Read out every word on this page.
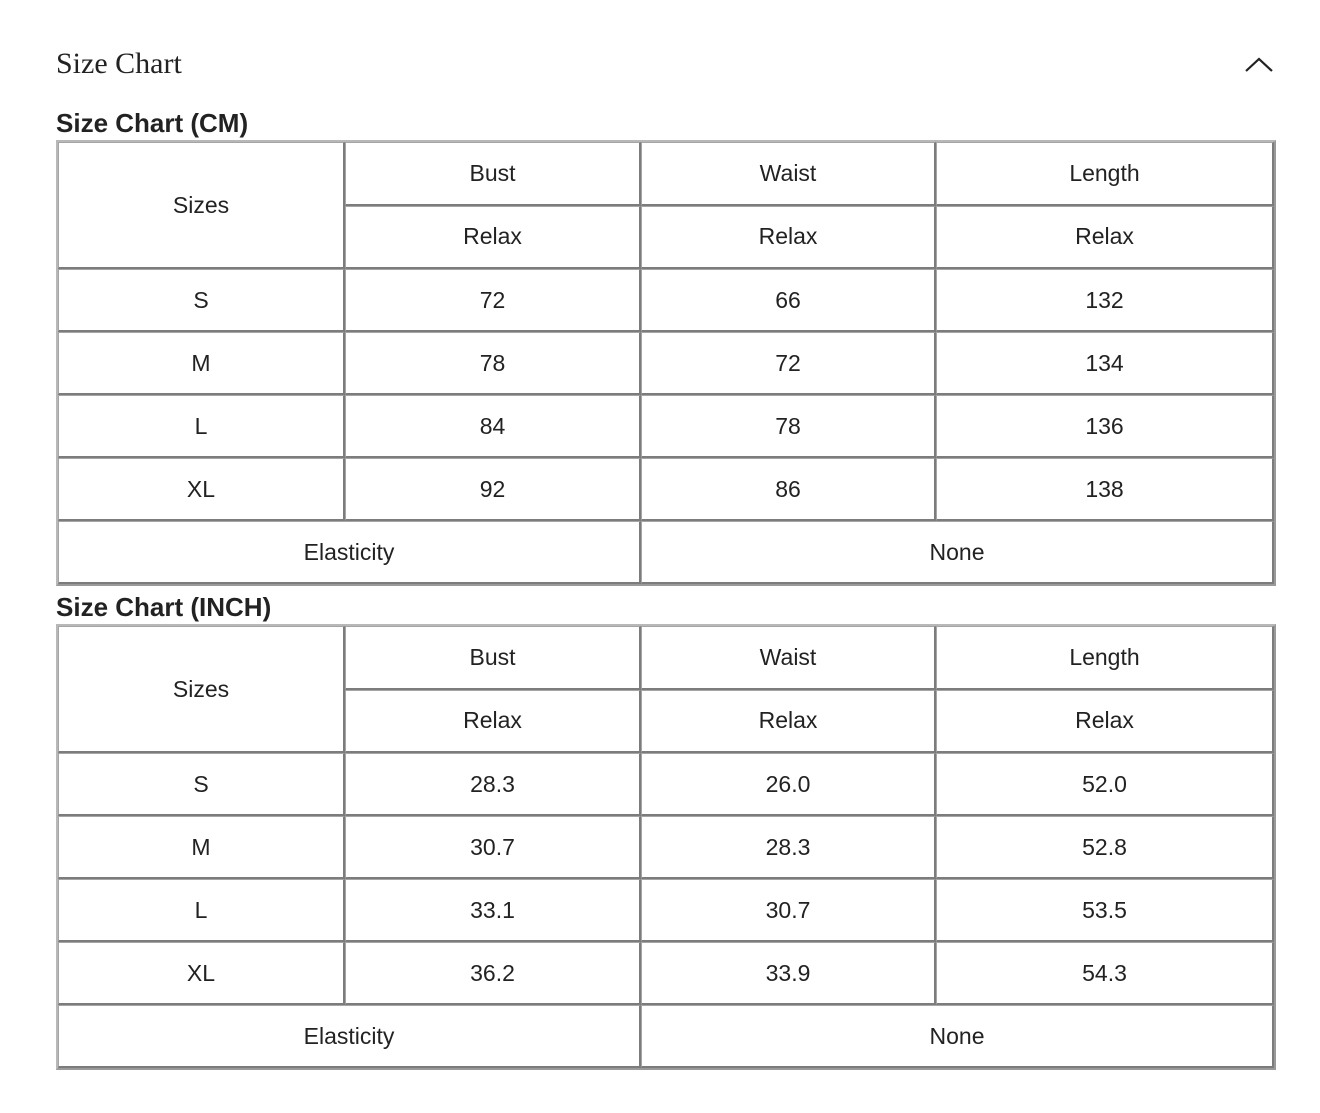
Size Chart
Size Chart (CM)
Sizes	Bust	Waist	Length
	Relax	Relax	Relax
S	72	66	132
M	78	72	134
L	84	78	136
XL	92	86	138
Elasticity		None	
Size Chart (INCH)
Sizes	Bust	Waist	Length
	Relax	Relax	Relax
S	28.3	26.0	52.0
M	30.7	28.3	52.8
L	33.1	30.7	53.5
XL	36.2	33.9	54.3
Elasticity		None	
